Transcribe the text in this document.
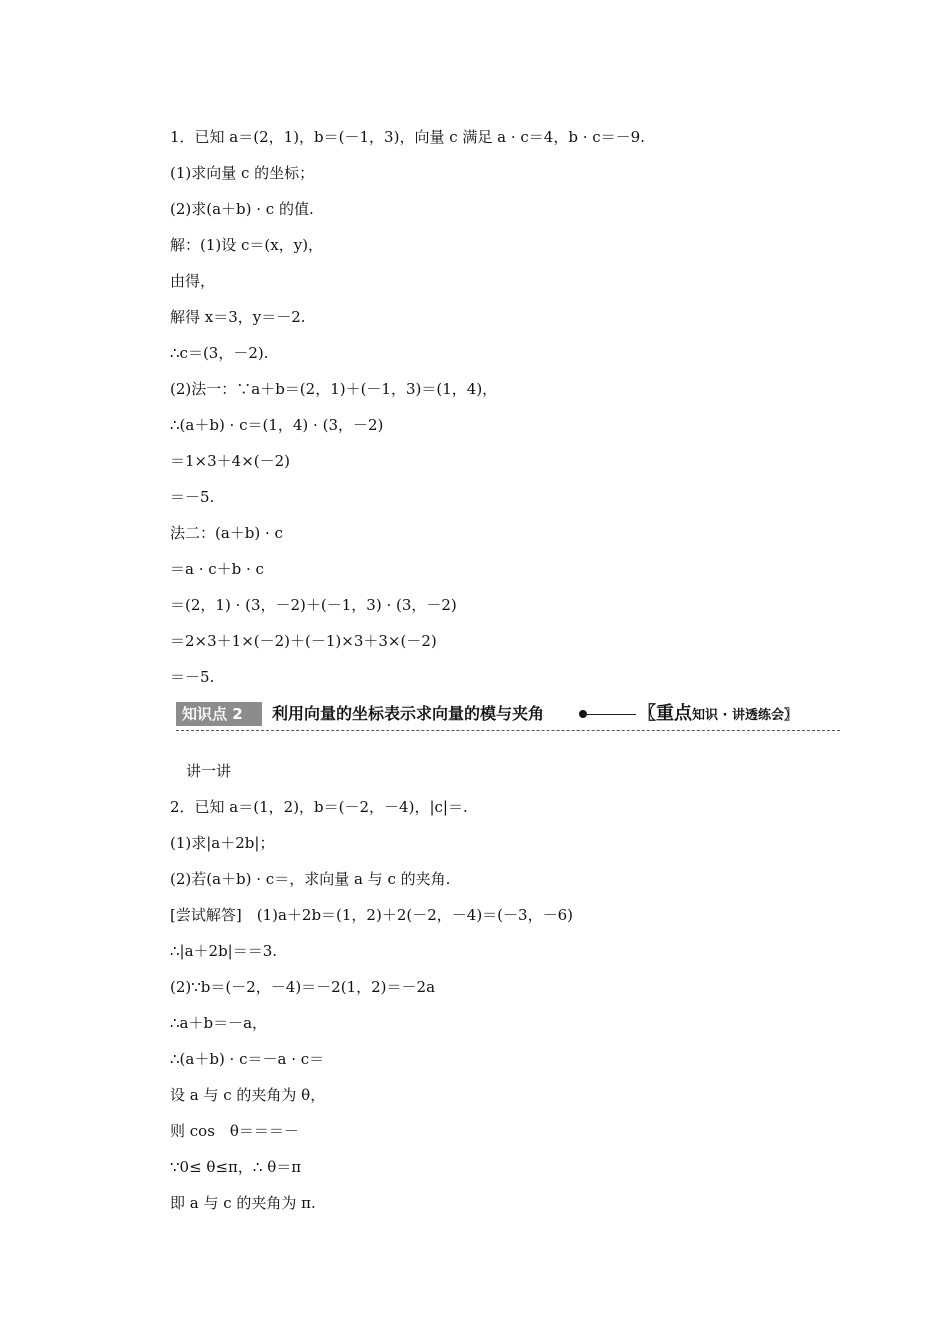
1．已知 a＝(2，1)，b＝(－1，3)，向量 c 满足 a · c＝4，b · c＝－9.
(1)求向量 c 的坐标；
(2)求(a＋b) · c 的值.
解：(1)设 c＝(x，y)，
由得，
解得 x＝3，y＝－2.
∴c＝(3，－2).
(2)法一：∵a＋b＝(2，1)＋(－1，3)＝(1，4)，
∴(a＋b) · c＝(1，4) · (3，－2)
＝1×3＋4×(－2)
＝－5.
法二：(a＋b) · c
＝a · c＋b · c
＝(2，1) · (3，－2)＋(－1，3) · (3，－2)
＝2×3＋1×(－2)＋(－1)×3＋3×(－2)
＝－5.
知识点 2	利用向量的坐标表示求向量的模与夹角	〖重点知识 · 讲透练会〗
讲一讲
2．已知 a＝(1，2)，b＝(－2，－4)，|c|＝.
(1)求|a＋2b|；
(2)若(a＋b) · c＝，求向量 a 与 c 的夹角.
[尝试解答]　(1)a＋2b＝(1，2)＋2(－2，－4)＝(－3，－6)
∴|a＋2b|＝＝3.
(2)∵b＝(－2，－4)＝－2(1，2)＝－2a
∴a＋b＝－a，
∴(a＋b) · c＝－a · c＝
设 a 与 c 的夹角为 θ，
则 cos　θ＝＝＝－
∵0≤ θ≤π，∴ θ＝π
即 a 与 c 的夹角为 π.
